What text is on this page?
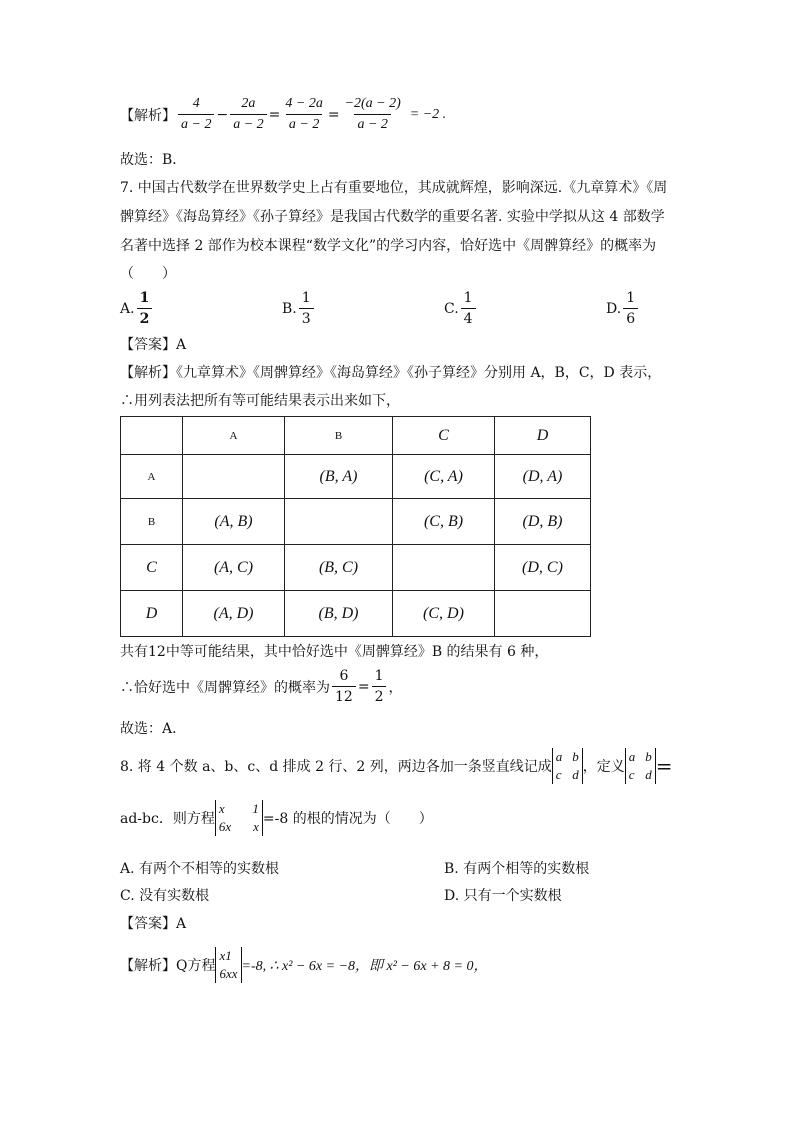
【解析】 $\frac{4}{a - 2} - \frac{2a}{a - 2} = \frac{4 - 2a}{a - 2} = \frac{-2(a - 2)}{a - 2} = -2$ .
故选：B．
7. 中国古代数学在世界数学史上占有重要地位，其成就辉煌，影响深远.《九章算术》《周
髀算经》《海岛算经》《孙子算经》是我国古代数学的重要名著. 实验中学拟从这 4 部数学
名著中选择 2 部作为校本课程“数学文化”的学习内容，恰好选中《周髀算经》的概率为
（　　）
A. $\frac{1}{2}$	B. $\frac{1}{3}$	C. $\frac{1}{4}$	D. $\frac{1}{6}$
【答案】A
【解析】《九章算术》《周髀算经》《海岛算经》《孙子算经》分别用 A，B，C，D 表示，
∴用列表法把所有等可能结果表示出来如下，
	A	B	C	D
A		(B, A)	(C, A)	(D, A)
B	(A, B)		(C, B)	(D, B)
C	(A, C)	(B, C)		(D, C)
D	(A, D)	(B, D)	(C, D)	
共有12中等可能结果，其中恰好选中《周髀算经》B 的结果有 6 种，
∴恰好选中《周髀算经》的概率为 $\frac{6}{12} = \frac{1}{2}$ ，
故选：A．
8. 将 4 个数 a、b、c、d 排成 2 行、2 列，两边各加一条竖直线记成
a b
c d ，定义
a b
c d =
ad-bc．则方程
x 1
6x x =-8 的根的情况为（　　）
A. 有两个不相等的实数根	B. 有两个相等的实数根
C. 没有实数根	D. 只有一个实数根
【答案】A
【解析】Q方程
x1
6xx =-8, ∴ x² − 6x = −8，即 x² − 6x + 8 = 0，
